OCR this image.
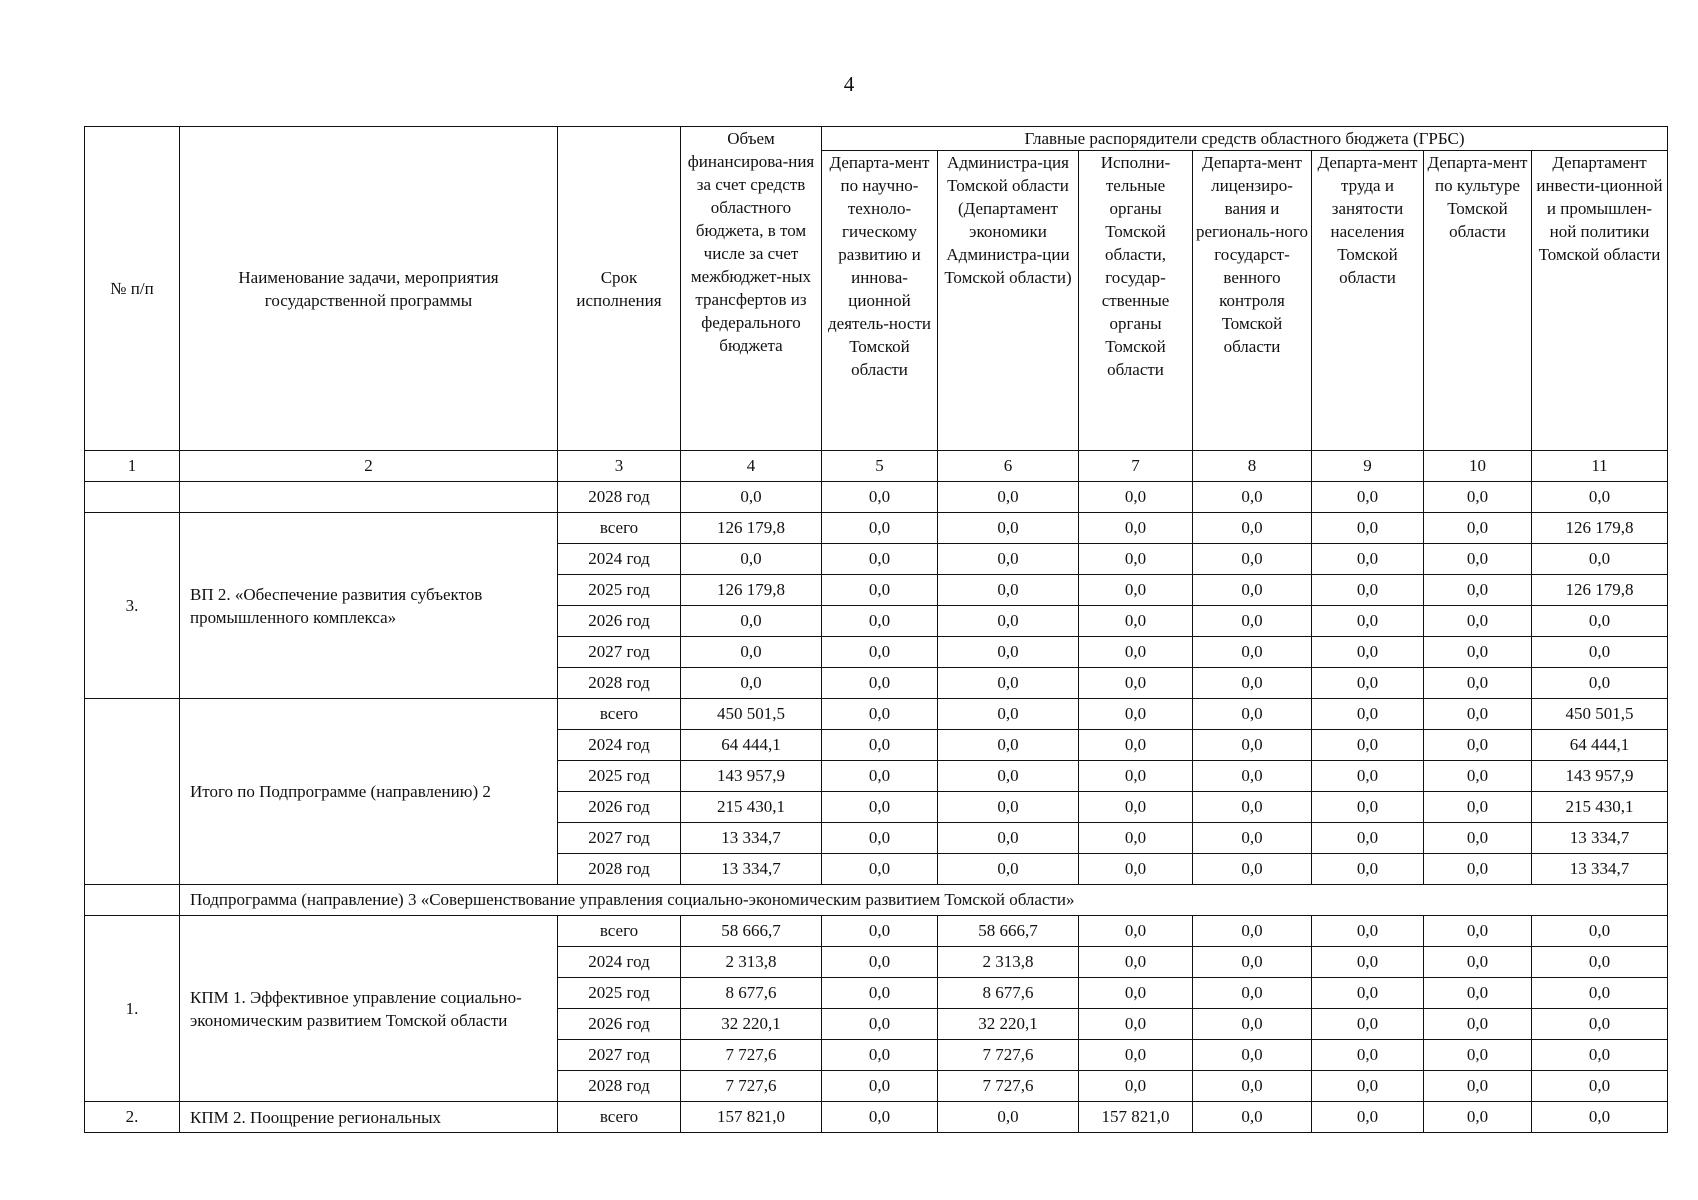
4
№ п/п	Наименование задачи, мероприятия государственной программы	Срок исполнения	Объем финансирова-ния за счет средств областного бюджета, в том числе за счет межбюджет-ных трансфертов из федерального бюджета	Главные распорядители средств областного бюджета (ГРБС)						
				Департа-мент по научно-техноло-гическому развитию и иннова-ционной деятель-ности Томской области	Администра-ция Томской области (Департамент экономики Администра-ции Томской области)	Исполни-тельные органы Томской области, государ-ственные органы Томской области	Департа-мент лицензиро-вания и региональ-ного государст-венного контроля Томской области	Департа-мент труда и занятости населения Томской области	Департа-мент по культуре Томской области	Департамент инвести-ционной и промышлен-ной политики Томской области
1	2	3	4	5	6	7	8	9	10	11
		2028 год	0,0	0,0	0,0	0,0	0,0	0,0	0,0	0,0
3.	ВП 2. «Обеспечение развития субъектов промышленного комплекса»	всего	126 179,8	0,0	0,0	0,0	0,0	0,0	0,0	126 179,8
		2024 год	0,0	0,0	0,0	0,0	0,0	0,0	0,0	0,0
		2025 год	126 179,8	0,0	0,0	0,0	0,0	0,0	0,0	126 179,8
		2026 год	0,0	0,0	0,0	0,0	0,0	0,0	0,0	0,0
		2027 год	0,0	0,0	0,0	0,0	0,0	0,0	0,0	0,0
		2028 год	0,0	0,0	0,0	0,0	0,0	0,0	0,0	0,0
	Итого по Подпрограмме (направлению) 2	всего	450 501,5	0,0	0,0	0,0	0,0	0,0	0,0	450 501,5
		2024 год	64 444,1	0,0	0,0	0,0	0,0	0,0	0,0	64 444,1
		2025 год	143 957,9	0,0	0,0	0,0	0,0	0,0	0,0	143 957,9
		2026 год	215 430,1	0,0	0,0	0,0	0,0	0,0	0,0	215 430,1
		2027 год	13 334,7	0,0	0,0	0,0	0,0	0,0	0,0	13 334,7
		2028 год	13 334,7	0,0	0,0	0,0	0,0	0,0	0,0	13 334,7
	Подпрограмма (направление) 3 «Совершенствование управления социально-экономическим развитием Томской области»									
1.	КПМ 1. Эффективное управление социально-экономическим развитием Томской области	всего	58 666,7	0,0	58 666,7	0,0	0,0	0,0	0,0	0,0
		2024 год	2 313,8	0,0	2 313,8	0,0	0,0	0,0	0,0	0,0
		2025 год	8 677,6	0,0	8 677,6	0,0	0,0	0,0	0,0	0,0
		2026 год	32 220,1	0,0	32 220,1	0,0	0,0	0,0	0,0	0,0
		2027 год	7 727,6	0,0	7 727,6	0,0	0,0	0,0	0,0	0,0
		2028 год	7 727,6	0,0	7 727,6	0,0	0,0	0,0	0,0	0,0
2.	КПМ 2. Поощрение региональных	всего	157 821,0	0,0	0,0	157 821,0	0,0	0,0	0,0	0,0
